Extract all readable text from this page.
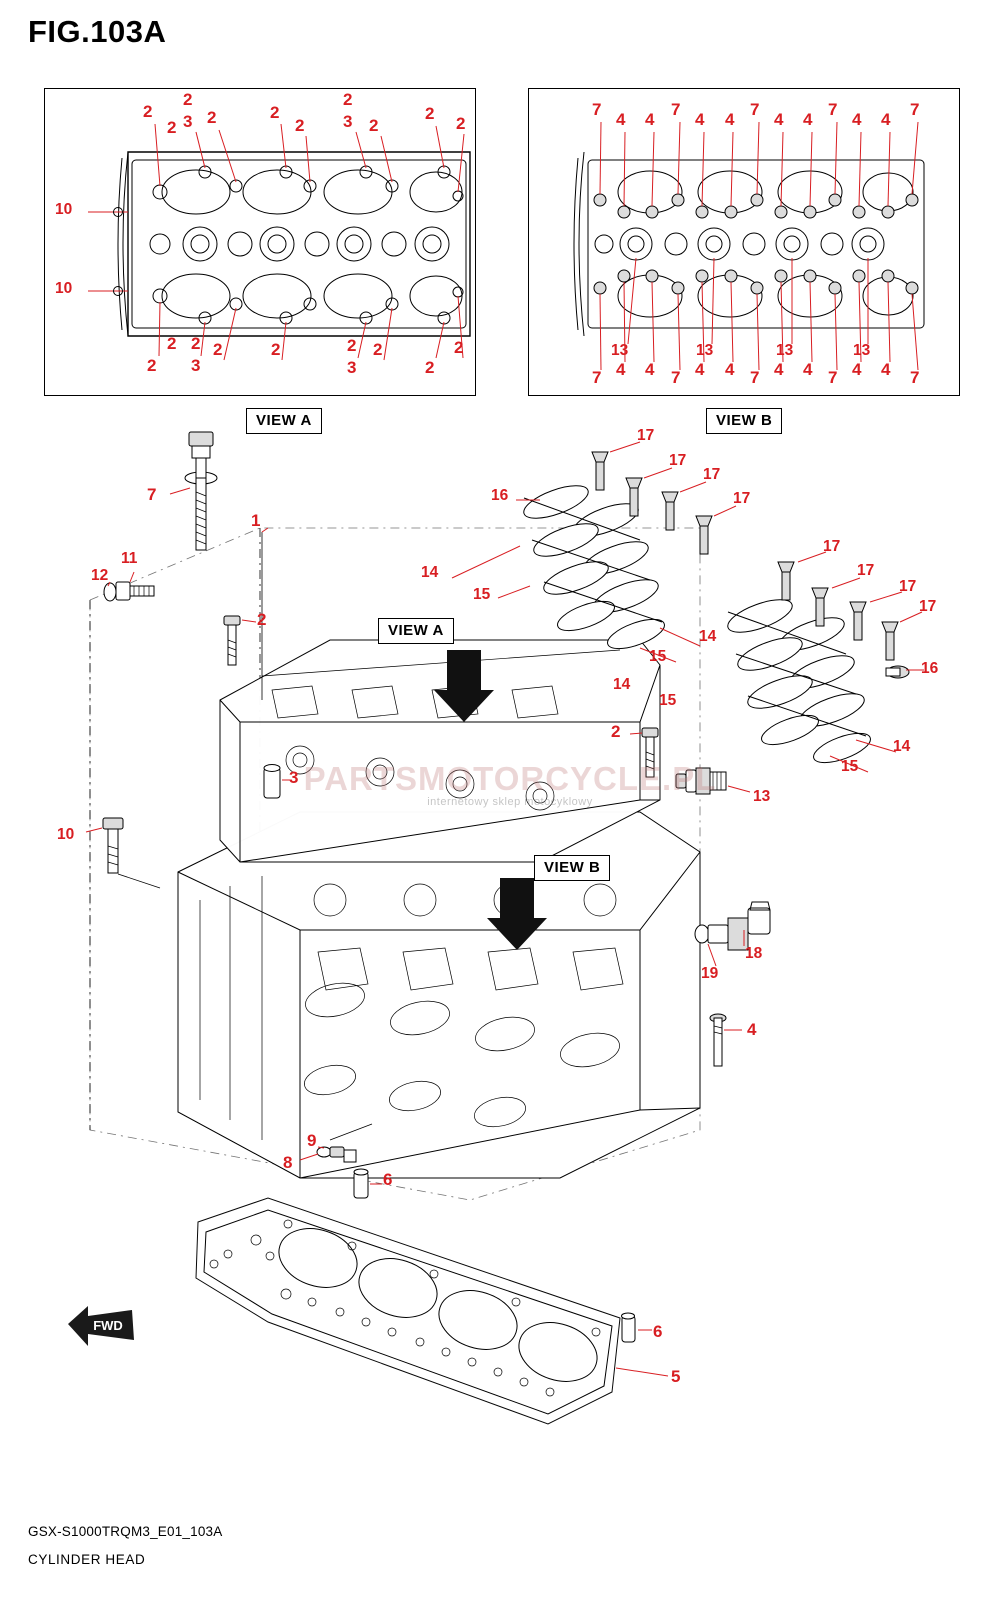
FIG.103A
FWD
PARTSMOTORCYCLE.PL
internetowy sklep motocyklowy
VIEW A	VIEW B
VIEW A
VIEW B
2
2
3
2
2	2
2
3
2	2
2
2
10
10
2
2 2
3
2	2	2
3
2
2
2
7
4 4
7
4 4
7
4 4
7
4 4
7
13	13	13	13
7 4 4 7 4 4 7 4 4 7 4 4 7
7
1
12
11
2
3
10
2
16
17
17
17
17
14
15
14
15
14
15
17
17
17
17
16
14
15
13
18
19
4
9
8
6
6
5
GSX-S1000TRQM3_E01_103A
CYLINDER HEAD
